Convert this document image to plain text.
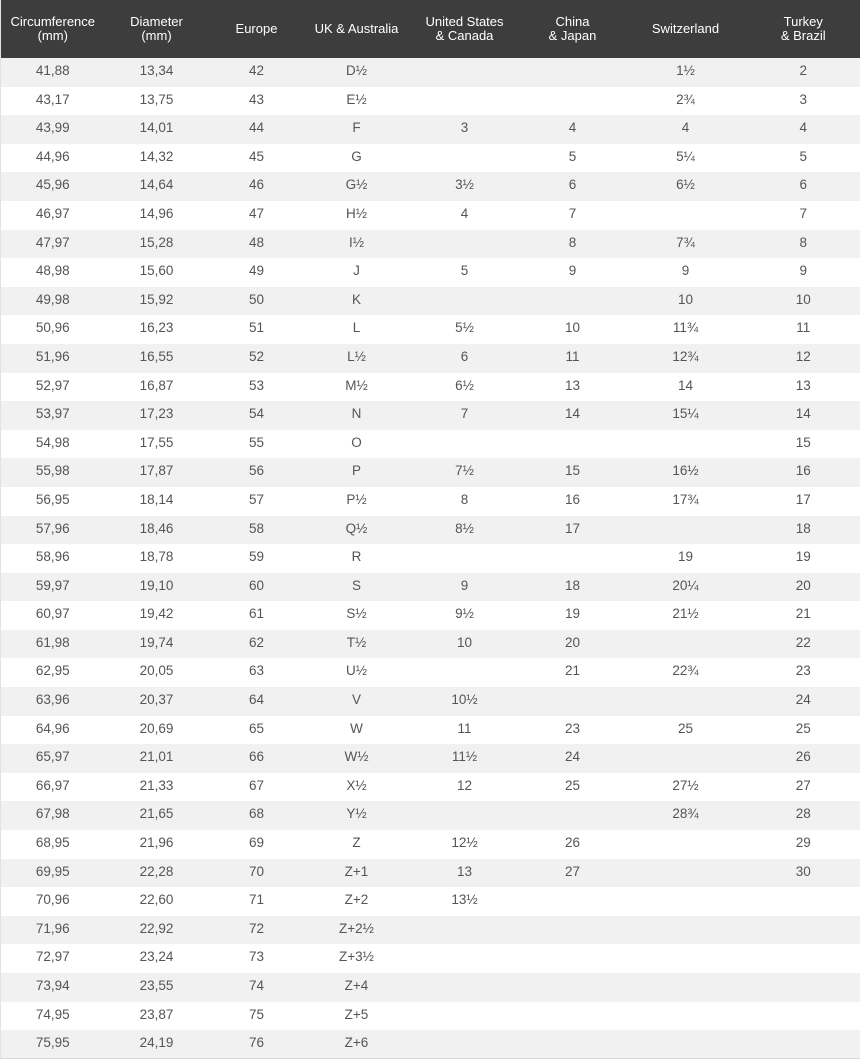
Circumference
(mm)	Diameter
(mm)	Europe	UK & Australia	United States
& Canada	China
& Japan	Switzerland	Turkey
& Brazil
41,88	13,34	42	D½			1½	2
43,17	13,75	43	E½			2¾	3
43,99	14,01	44	F	3	4	4	4
44,96	14,32	45	G		5	5¼	5
45,96	14,64	46	G½	3½	6	6½	6
46,97	14,96	47	H½	4	7		7
47,97	15,28	48	I½		8	7¾	8
48,98	15,60	49	J	5	9	9	9
49,98	15,92	50	K			10	10
50,96	16,23	51	L	5½	10	11¾	11
51,96	16,55	52	L½	6	11	12¾	12
52,97	16,87	53	M½	6½	13	14	13
53,97	17,23	54	N	7	14	15¼	14
54,98	17,55	55	O				15
55,98	17,87	56	P	7½	15	16½	16
56,95	18,14	57	P½	8	16	17¾	17
57,96	18,46	58	Q½	8½	17		18
58,96	18,78	59	R			19	19
59,97	19,10	60	S	9	18	20¼	20
60,97	19,42	61	S½	9½	19	21½	21
61,98	19,74	62	T½	10	20		22
62,95	20,05	63	U½		21	22¾	23
63,96	20,37	64	V	10½			24
64,96	20,69	65	W	11	23	25	25
65,97	21,01	66	W½	11½	24		26
66,97	21,33	67	X½	12	25	27½	27
67,98	21,65	68	Y½			28¾	28
68,95	21,96	69	Z	12½	26		29
69,95	22,28	70	Z+1	13	27		30
70,96	22,60	71	Z+2	13½			
71,96	22,92	72	Z+2½				
72,97	23,24	73	Z+3½				
73,94	23,55	74	Z+4				
74,95	23,87	75	Z+5				
75,95	24,19	76	Z+6				
